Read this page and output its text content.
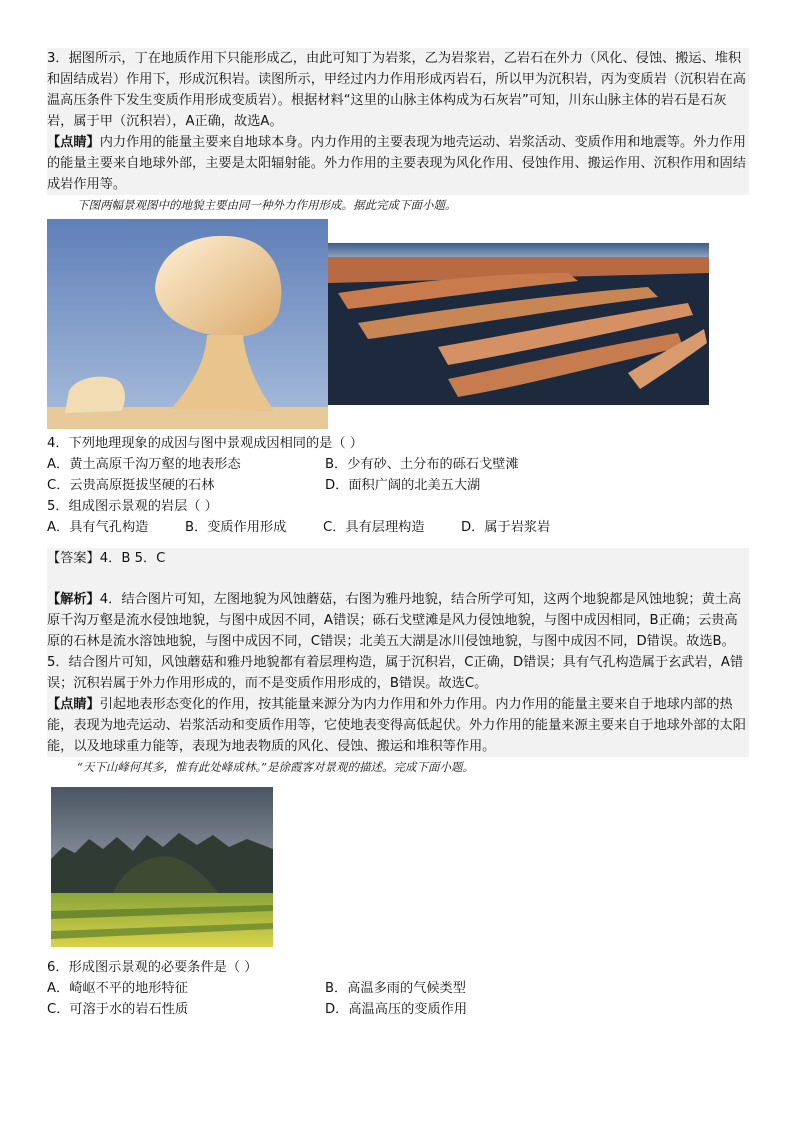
3．据图所示，丁在地质作用下只能形成乙，由此可知丁为岩浆，乙为岩浆岩，乙岩石在外力（风化、侵蚀、搬运、堆积和固结成岩）作用下，形成沉积岩。读图所示，甲经过内力作用形成丙岩石，所以甲为沉积岩，丙为变质岩（沉积岩在高温高压条件下发生变质作用形成变质岩）。根据材料“这里的山脉主体构成为石灰岩”可知，川东山脉主体的岩石是石灰岩，属于甲（沉积岩），A正确，故选A。

【点睛】内力作用的能量主要来自地球本身。内力作用的主要表现为地壳运动、岩浆活动、变质作用和地震等。外力作用的能量主要来自地球外部，主要是太阳辐射能。外力作用的主要表现为风化作用、侵蚀作用、搬运作用、沉积作用和固结成岩作用等。

下图两幅景观图中的地貌主要由同一种外力作用形成。据此完成下面小题。

4．下列地理现象的成因与图中景观成因相同的是（ ）

A．黄土高原千沟万壑的地表形态	B．少有砂、土分布的砾石戈壁滩
C．云贵高原挺拔坚硬的石林	D．面积广阔的北美五大湖

5．组成图示景观的岩层（ ）

A．具有气孔构造	B．变质作用形成	C．具有层理构造	D．属于岩浆岩

【答案】4．B 5．C

【解析】4．结合图片可知，左图地貌为风蚀蘑菇，右图为雅丹地貌，结合所学可知，这两个地貌都是风蚀地貌；黄土高原千沟万壑是流水侵蚀地貌，与图中成因不同，A错误；砾石戈壁滩是风力侵蚀地貌，与图中成因相同，B正确；云贵高原的石林是流水溶蚀地貌，与图中成因不同，C错误；北美五大湖是冰川侵蚀地貌，与图中成因不同，D错误。故选B。

5．结合图片可知，风蚀蘑菇和雅丹地貌都有着层理构造，属于沉积岩，C正确，D错误；具有气孔构造属于玄武岩，A错误；沉积岩属于外力作用形成的，而不是变质作用形成的，B错误。故选C。

【点睛】引起地表形态变化的作用，按其能量来源分为内力作用和外力作用。内力作用的能量主要来自于地球内部的热能，表现为地壳运动、岩浆活动和变质作用等，它使地表变得高低起伏。外力作用的能量来源主要来自于地球外部的太阳能，以及地球重力能等，表现为地表物质的风化、侵蚀、搬运和堆积等作用。

“天下山峰何其多，惟有此处峰成林。”是徐霞客对景观的描述。完成下面小题。

6．形成图示景观的必要条件是（ ）

A．崎岖不平的地形特征	B．高温多雨的气候类型
C．可溶于水的岩石性质	D．高温高压的变质作用
